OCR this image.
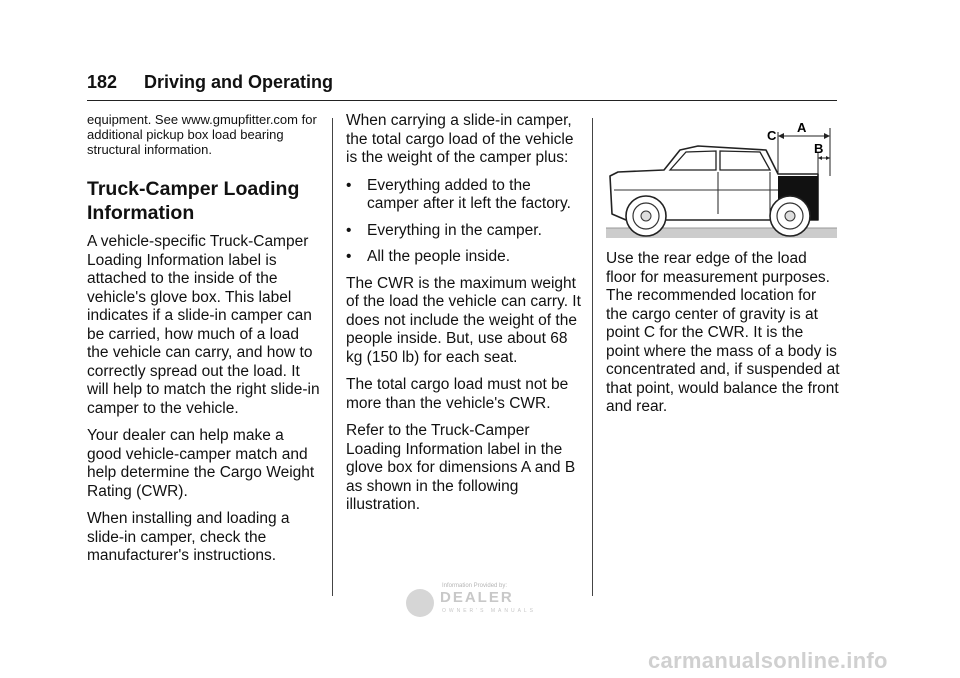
182 Driving and Operating

equipment. See www.gmupfitter.com for additional pickup box load bearing structural information.

Truck-Camper Loading Information

A vehicle-specific Truck-Camper Loading Information label is attached to the inside of the vehicle's glove box. This label indicates if a slide-in camper can be carried, how much of a load the vehicle can carry, and how to correctly spread out the load. It will help to match the right slide-in camper to the vehicle.

Your dealer can help make a good vehicle-camper match and help determine the Cargo Weight Rating (CWR).

When installing and loading a slide-in camper, check the manufacturer's instructions.

When carrying a slide-in camper, the total cargo load of the vehicle is the weight of the camper plus:

• Everything added to the camper after it left the factory.
• Everything in the camper.
• All the people inside.

The CWR is the maximum weight of the load the vehicle can carry. It does not include the weight of the people inside. But, use about 68 kg (150 lb) for each seat.

The total cargo load must not be more than the vehicle's CWR.

Refer to the Truck-Camper Loading Information label in the glove box for dimensions A and B as shown in the following illustration.

C
A
B

Use the rear edge of the load floor for measurement purposes. The recommended location for the cargo center of gravity is at point C for the CWR. It is the point where the mass of a body is concentrated and, if suspended at that point, would balance the front and rear.

Information Provided by:
DEALER
OWNER'S MANUALS
carmanualsonline.info
